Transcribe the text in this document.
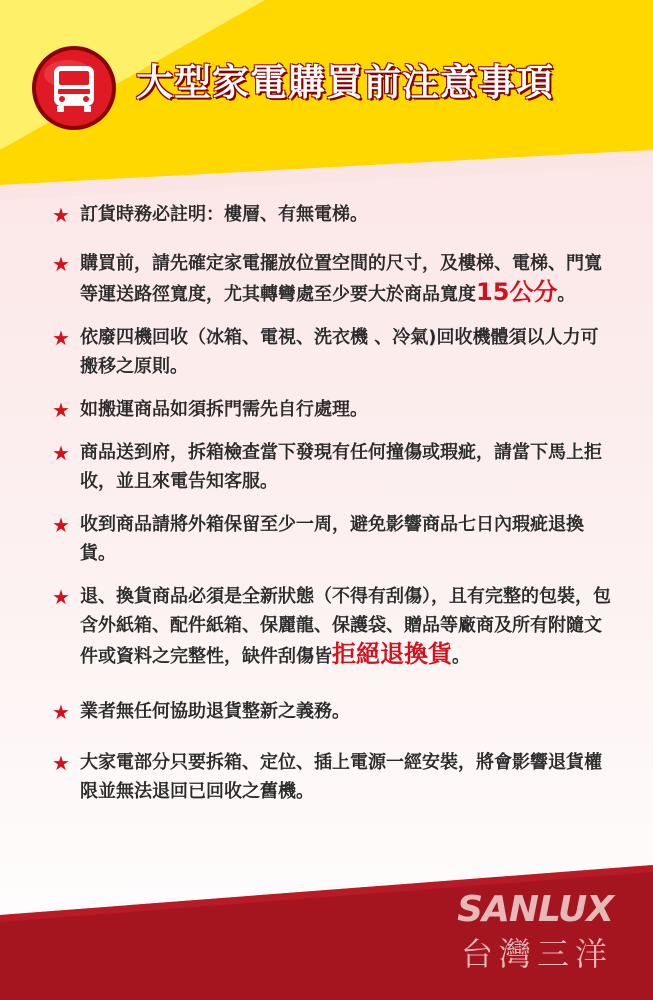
大型家電購買前注意事項
★ 訂貨時務必註明：樓層、有無電梯。
★ 購買前，請先確定家電擺放位置空間的尺寸，及樓梯、電梯、門寬等運送路徑寬度，尤其轉彎處至少要大於商品寬度15公分。
★ 依廢四機回收（冰箱、電視、洗衣機 、冷氣)回收機體須以人力可搬移之原則。
★ 如搬運商品如須拆門需先自行處理。
★ 商品送到府，拆箱檢查當下發現有任何撞傷或瑕疵，請當下馬上拒收，並且來電告知客服。
★ 收到商品請將外箱保留至少一周，避免影響商品七日內瑕疵退換貨。
★ 退、換貨商品必須是全新狀態（不得有刮傷），且有完整的包裝，包含外紙箱、配件紙箱、保麗龍、保護袋、贈品等廠商及所有附隨文件或資料之完整性，缺件刮傷皆拒絕退換貨。
★ 業者無任何協助退貨整新之義務。
★ 大家電部分只要拆箱、定位、插上電源一經安裝，將會影響退貨權限並無法退回已回收之舊機。
SANLUX
台灣三洋
